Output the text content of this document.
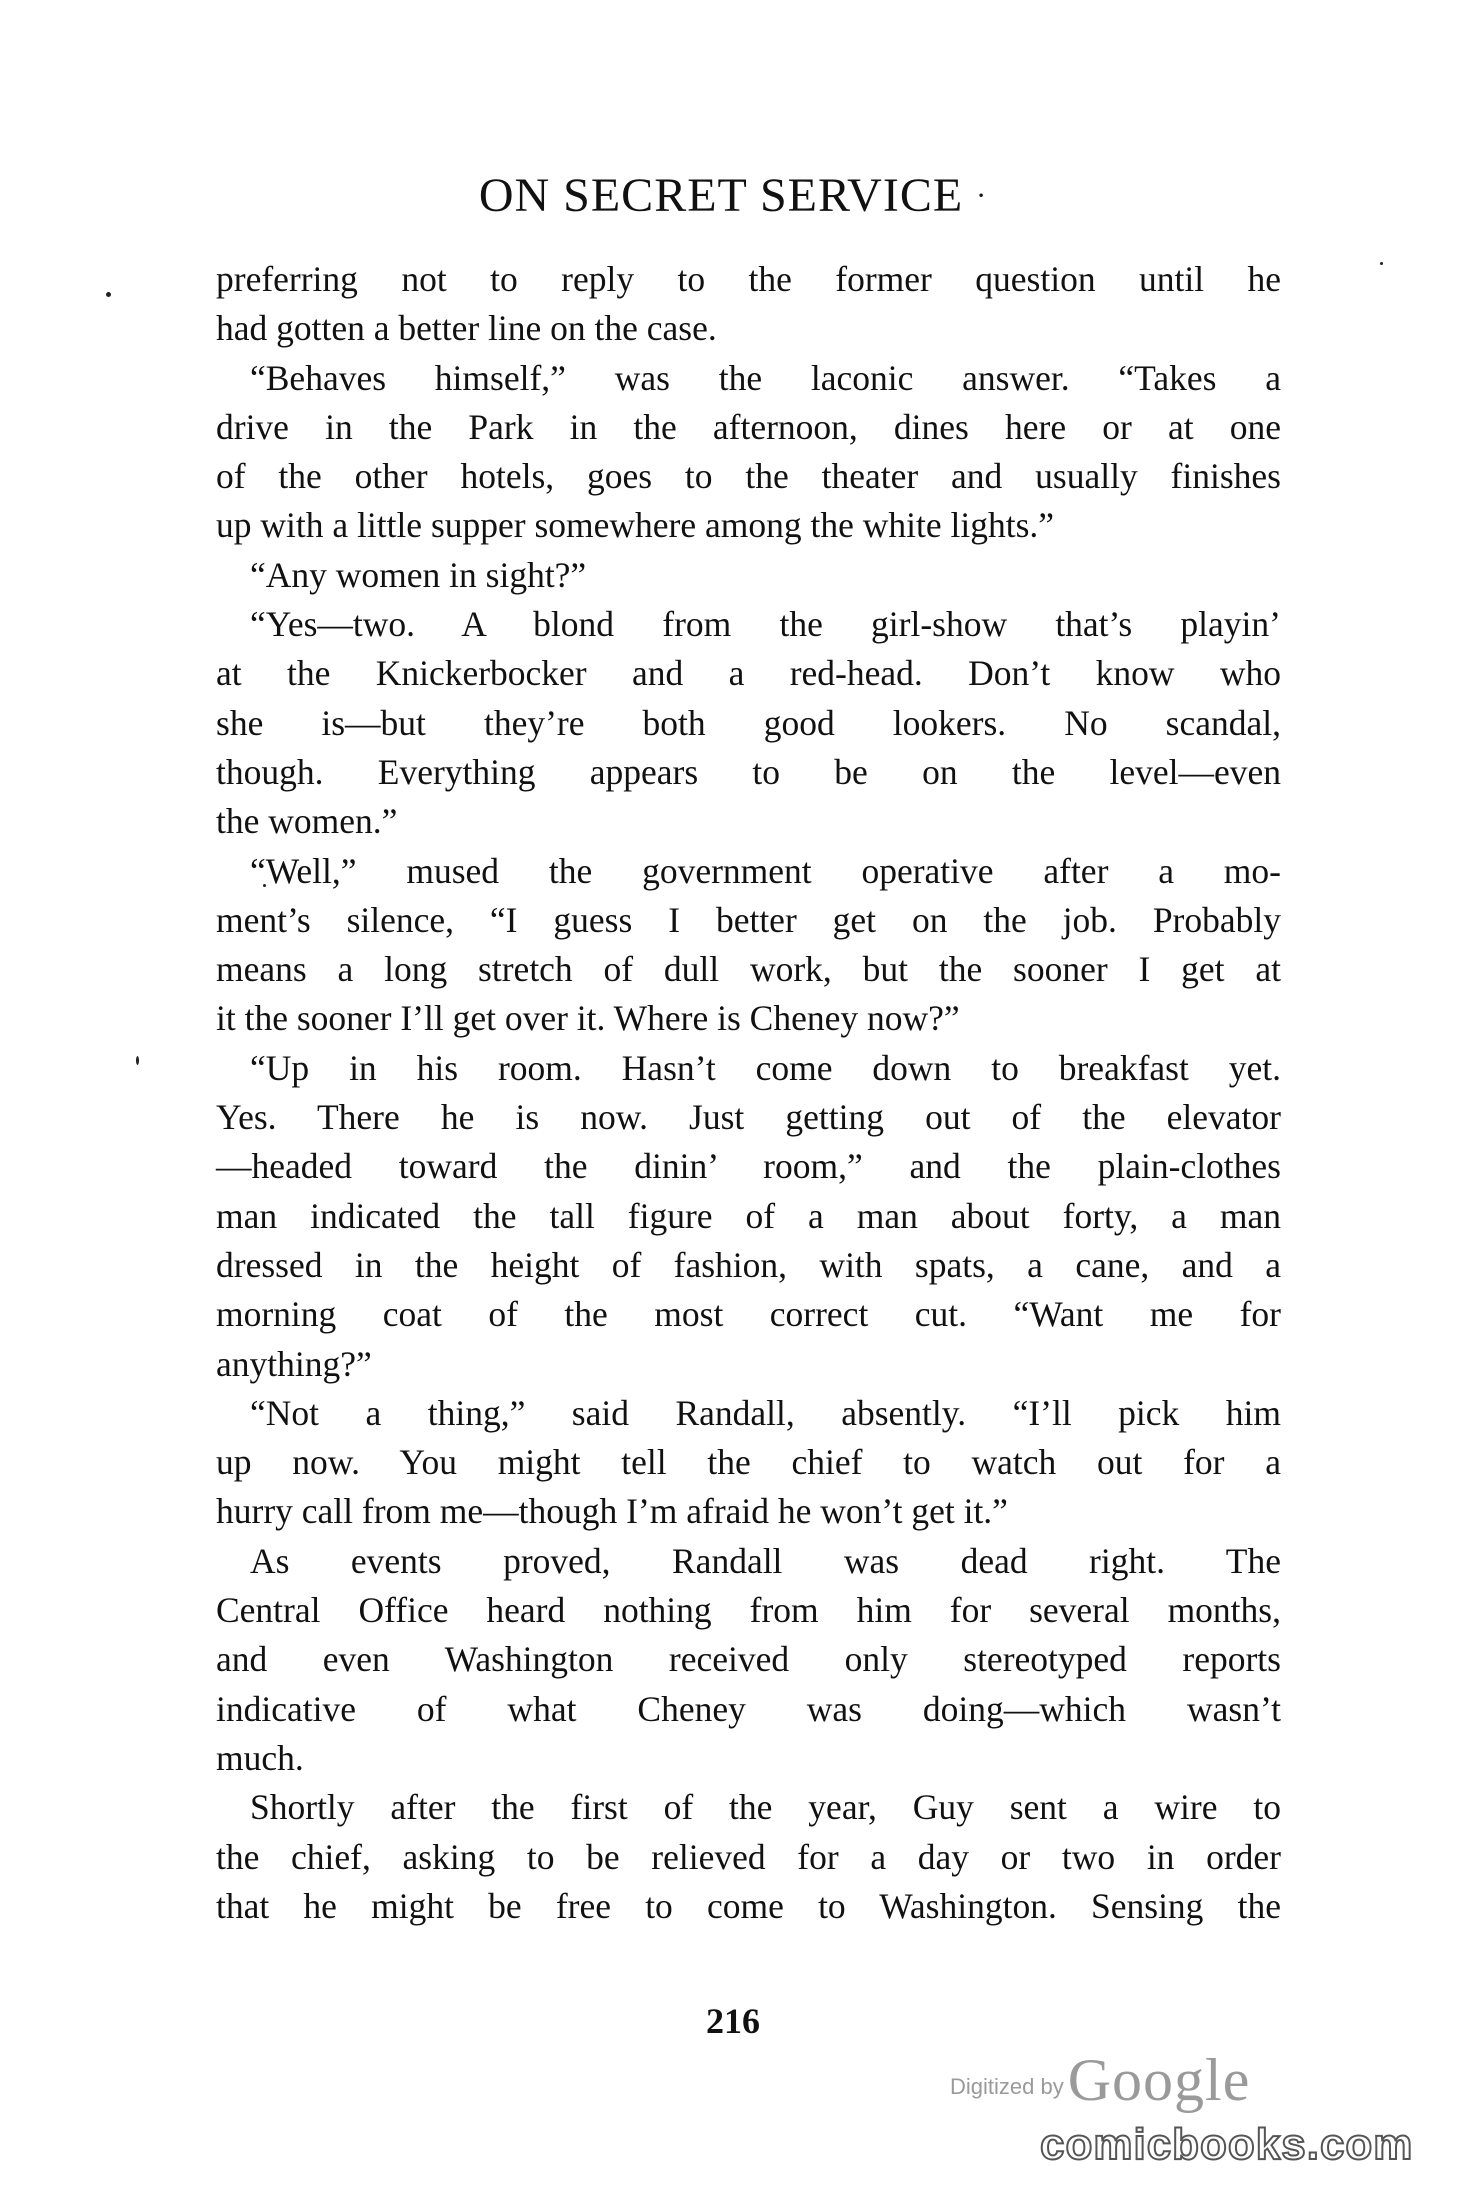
ON SECRET SERVICE ·
preferring not to reply to the former question until he
had gotten a better line on the case.
“Behaves himself,” was the laconic answer. “Takes a
drive in the Park in the afternoon, dines here or at one
of the other hotels, goes to the theater and usually finishes
up with a little supper somewhere among the white lights.”
“Any women in sight?”
“Yes—two. A blond from the girl-show that’s playin’
at the Knickerbocker and a red-head. Don’t know who
she is—but they’re both good lookers. No scandal,
though. Everything appears to be on the level—even
the women.”
“Well,” mused the government operative after a mo-
ment’s silence, “I guess I better get on the job. Probably
means a long stretch of dull work, but the sooner I get at
it the sooner I’ll get over it. Where is Cheney now?”
“Up in his room. Hasn’t come down to breakfast yet.
Yes. There he is now. Just getting out of the elevator
—headed toward the dinin’ room,” and the plain-clothes
man indicated the tall figure of a man about forty, a man
dressed in the height of fashion, with spats, a cane, and a
morning coat of the most correct cut. “Want me for
anything?”
“Not a thing,” said Randall, absently. “I’ll pick him
up now. You might tell the chief to watch out for a
hurry call from me—though I’m afraid he won’t get it.”
As events proved, Randall was dead right. The
Central Office heard nothing from him for several months,
and even Washington received only stereotyped reports
indicative of what Cheney was doing—which wasn’t
much.
Shortly after the first of the year, Guy sent a wire to
the chief, asking to be relieved for a day or two in order
that he might be free to come to Washington. Sensing the
216
Digitized by Google
comicbooks.com
